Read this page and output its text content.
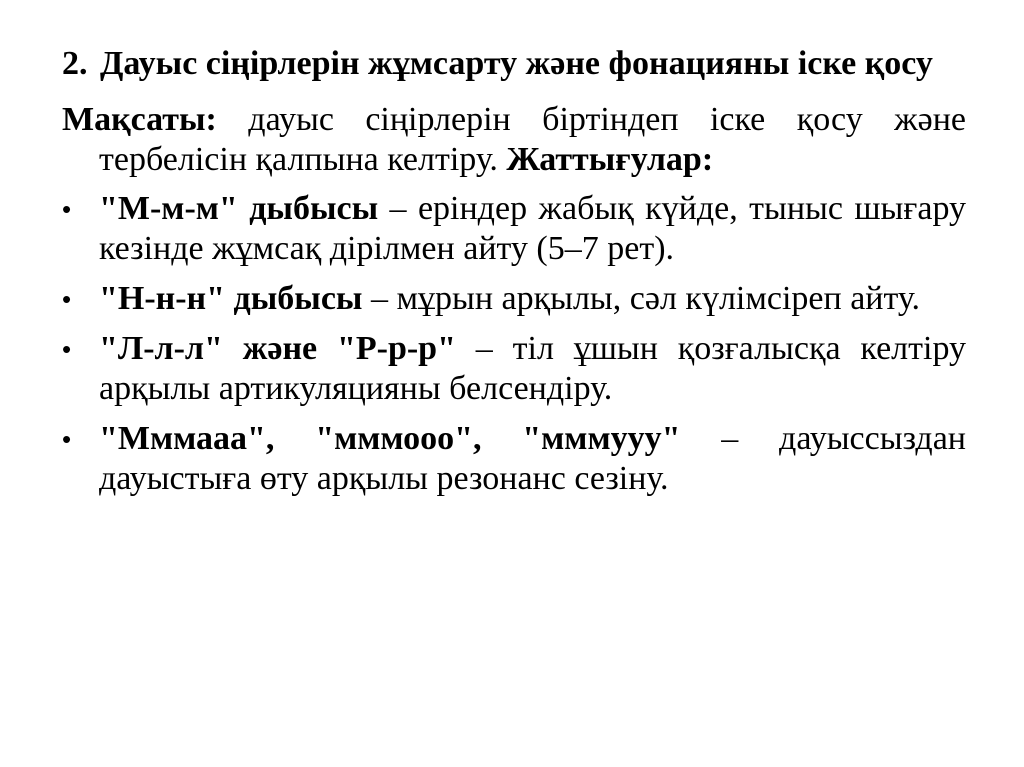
2. Дауыс сіңірлерін жұмсарту және фонацияны іске қосу
Мақсаты: дауыс сіңірлерін біртіндеп іске қосу және тербелісін қалпына келтіру. Жаттығулар:
• "М-м-м" дыбысы – еріндер жабық күйде, тыныс шығару кезінде жұмсақ дірілмен айту (5–7 рет).
• "Н-н-н" дыбысы – мұрын арқылы, сәл күлімсіреп айту.
• "Л-л-л" және "Р-р-р" – тіл ұшын қозғалысқа келтіру арқылы артикуляцияны белсендіру.
• "Мммааа", "мммооо", "мммууу" – дауыссыздан дауыстыға өту арқылы резонанс сезіну.
